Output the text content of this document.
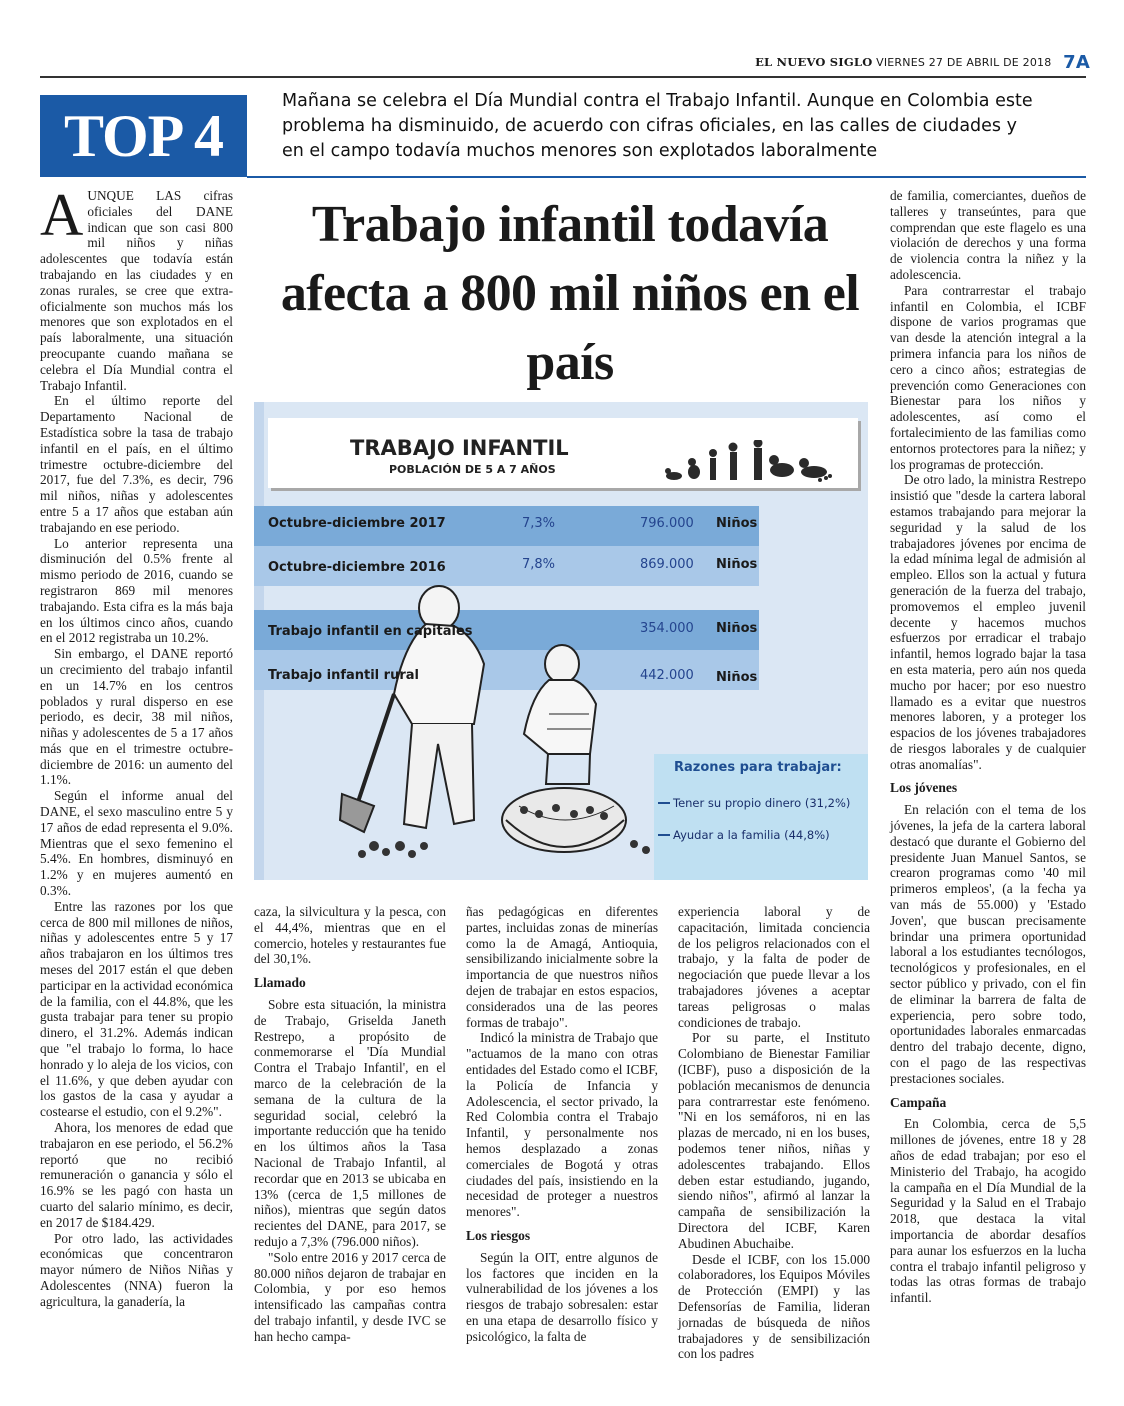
EL NUEVO SIGLO VIERNES 27 DE ABRIL DE 2018 7A
TOP 4
Mañana se celebra el Día Mundial contra el Trabajo Infantil. Aunque en Colombia este problema ha disminuido, de acuerdo con cifras oficiales, en las calles de ciudades y en el campo todavía muchos menores son explotados laboralmente

AUNQUE LAS cifras oficiales del DANE indican que son casi 800 mil niños y niñas adolescentes que todavía están trabajando en las ciudades y en zonas rurales, se cree que extra-oficialmente son muchos más los menores que son explotados en el país laboralmente, una situación preocupante cuando mañana se celebra el Día Mundial contra el Trabajo Infantil.

En el último reporte del Departamento Nacional de Estadística sobre la tasa de trabajo infantil en el país, en el último trimestre octubre-diciembre del 2017, fue del 7.3%, es decir, 796 mil niños, niñas y adolescentes entre 5 a 17 años que estaban aún trabajando en ese periodo.

Lo anterior representa una disminución del 0.5% frente al mismo periodo de 2016, cuando se registraron 869 mil menores trabajando. Esta cifra es la más baja en los últimos cinco años, cuando en el 2012 registraba un 10.2%.

Sin embargo, el DANE reportó un crecimiento del trabajo infantil en un 14.7% en los centros poblados y rural disperso en ese periodo, es decir, 38 mil niños, niñas y adolescentes de 5 a 17 años más que en el trimestre octubre-diciembre de 2016: un aumento del 1.1%.

Según el informe anual del DANE, el sexo masculino entre 5 y 17 años de edad representa el 9.0%. Mientras que el sexo femenino el 5.4%. En hombres, disminuyó en 1.2% y en mujeres aumentó en 0.3%.

Entre las razones por los que cerca de 800 mil millones de niños, niñas y adolescentes entre 5 y 17 años trabajaron en los últimos tres meses del 2017 están el que deben participar en la actividad económica de la familia, con el 44.8%, que les gusta trabajar para tener su propio dinero, el 31.2%. Además indican que "el trabajo lo forma, lo hace honrado y lo aleja de los vicios, con el 11.6%, y que deben ayudar con los gastos de la casa y ayudar a costearse el estudio, con el 9.2%".

Ahora, los menores de edad que trabajaron en ese periodo, el 56.2% reportó que no recibió remuneración o ganancia y sólo el 16.9% se les pagó con hasta un cuarto del salario mínimo, es decir, en 2017 de $184.429.

Por otro lado, las actividades económicas que concentraron mayor número de Niños Niñas y Adolescentes (NNA) fueron la agricultura, la ganadería, la

Trabajo infantil todavía afecta a 800 mil niños en el país
TRABAJO INFANTIL
POBLACIÓN DE 5 A 7 AÑOS
Octubre-diciembre 2017	7,3%	796.000 Niños
Octubre-diciembre 2016	7,8%	869.000 Niños
Trabajo infantil en capitales	354.000 Niños
Trabajo infantil rural	442.000 Niños
Razones para trabajar:
Tener su propio dinero (31,2%)
Ayudar a la familia (44,8%)

caza, la silvicultura y la pesca, con el 44,4%, mientras que en el comercio, hoteles y restaurantes fue del 30,1%.

Llamado

Sobre esta situación, la ministra de Trabajo, Griselda Janeth Restrepo, a propósito de conmemorarse el 'Día Mundial Contra el Trabajo Infantil', en el marco de la celebración de la semana de la cultura de la seguridad social, celebró la importante reducción que ha tenido en los últimos años la Tasa Nacional de Trabajo Infantil, al recordar que en 2013 se ubicaba en 13% (cerca de 1,5 millones de niños), mientras que según datos recientes del DANE, para 2017, se redujo a 7,3% (796.000 niños).

"Solo entre 2016 y 2017 cerca de 80.000 niños dejaron de trabajar en Colombia, y por eso hemos intensificado las campañas contra del trabajo infantil, y desde IVC se han hecho campa-

ñas pedagógicas en diferentes partes, incluidas zonas de minerías como la de Amagá, Antioquia, sensibilizando inicialmente sobre la importancia de que nuestros niños dejen de trabajar en estos espacios, considerados una de las peores formas de trabajo".

Indicó la ministra de Trabajo que "actuamos de la mano con otras entidades del Estado como el ICBF, la Policía de Infancia y Adolescencia, el sector privado, la Red Colombia contra el Trabajo Infantil, y personalmente nos hemos desplazado a zonas comerciales de Bogotá y otras ciudades del país, insistiendo en la necesidad de proteger a nuestros menores".

Los riesgos

Según la OIT, entre algunos de los factores que inciden en la vulnerabilidad de los jóvenes a los riesgos de trabajo sobresalen: estar en una etapa de desarrollo físico y psicológico, la falta de

experiencia laboral y de capacitación, limitada conciencia de los peligros relacionados con el trabajo, y la falta de poder de negociación que puede llevar a los trabajadores jóvenes a aceptar tareas peligrosas o malas condiciones de trabajo.

Por su parte, el Instituto Colombiano de Bienestar Familiar (ICBF), puso a disposición de la población mecanismos de denuncia para contrarrestar este fenómeno. "Ni en los semáforos, ni en las plazas de mercado, ni en los buses, podemos tener niños, niñas y adolescentes trabajando. Ellos deben estar estudiando, jugando, siendo niños", afirmó al lanzar la campaña de sensibilización la Directora del ICBF, Karen Abudinen Abuchaibe.

Desde el ICBF, con los 15.000 colaboradores, los Equipos Móviles de Protección (EMPI) y las Defensorías de Familia, lideran jornadas de búsqueda de niños trabajadores y de sensibilización con los padres

de familia, comerciantes, dueños de talleres y transeúntes, para que comprendan que este flagelo es una violación de derechos y una forma de violencia contra la niñez y la adolescencia.

Para contrarrestar el trabajo infantil en Colombia, el ICBF dispone de varios programas que van desde la atención integral a la primera infancia para los niños de cero a cinco años; estrategias de prevención como Generaciones con Bienestar para los niños y adolescentes, así como el fortalecimiento de las familias como entornos protectores para la niñez; y los programas de protección.

De otro lado, la ministra Restrepo insistió que "desde la cartera laboral estamos trabajando para mejorar la seguridad y la salud de los trabajadores jóvenes por encima de la edad mínima legal de admisión al empleo. Ellos son la actual y futura generación de la fuerza del trabajo, promovemos el empleo juvenil decente y hacemos muchos esfuerzos por erradicar el trabajo infantil, hemos logrado bajar la tasa en esta materia, pero aún nos queda mucho por hacer; por eso nuestro llamado es a evitar que nuestros menores laboren, y a proteger los espacios de los jóvenes trabajadores de riesgos laborales y de cualquier otras anomalías".

Los jóvenes

En relación con el tema de los jóvenes, la jefa de la cartera laboral destacó que durante el Gobierno del presidente Juan Manuel Santos, se crearon programas como '40 mil primeros empleos', (a la fecha ya van más de 55.000) y 'Estado Joven', que buscan precisamente brindar una primera oportunidad laboral a los estudiantes tecnólogos, tecnológicos y profesionales, en el sector público y privado, con el fin de eliminar la barrera de falta de experiencia, pero sobre todo, oportunidades laborales enmarcadas dentro del trabajo decente, digno, con el pago de las respectivas prestaciones sociales.

Campaña

En Colombia, cerca de 5,5 millones de jóvenes, entre 18 y 28 años de edad trabajan; por eso el Ministerio del Trabajo, ha acogido la campaña en el Día Mundial de la Seguridad y la Salud en el Trabajo 2018, que destaca la vital importancia de abordar desafíos para aunar los esfuerzos en la lucha contra el trabajo infantil peligroso y todas las otras formas de trabajo infantil.
